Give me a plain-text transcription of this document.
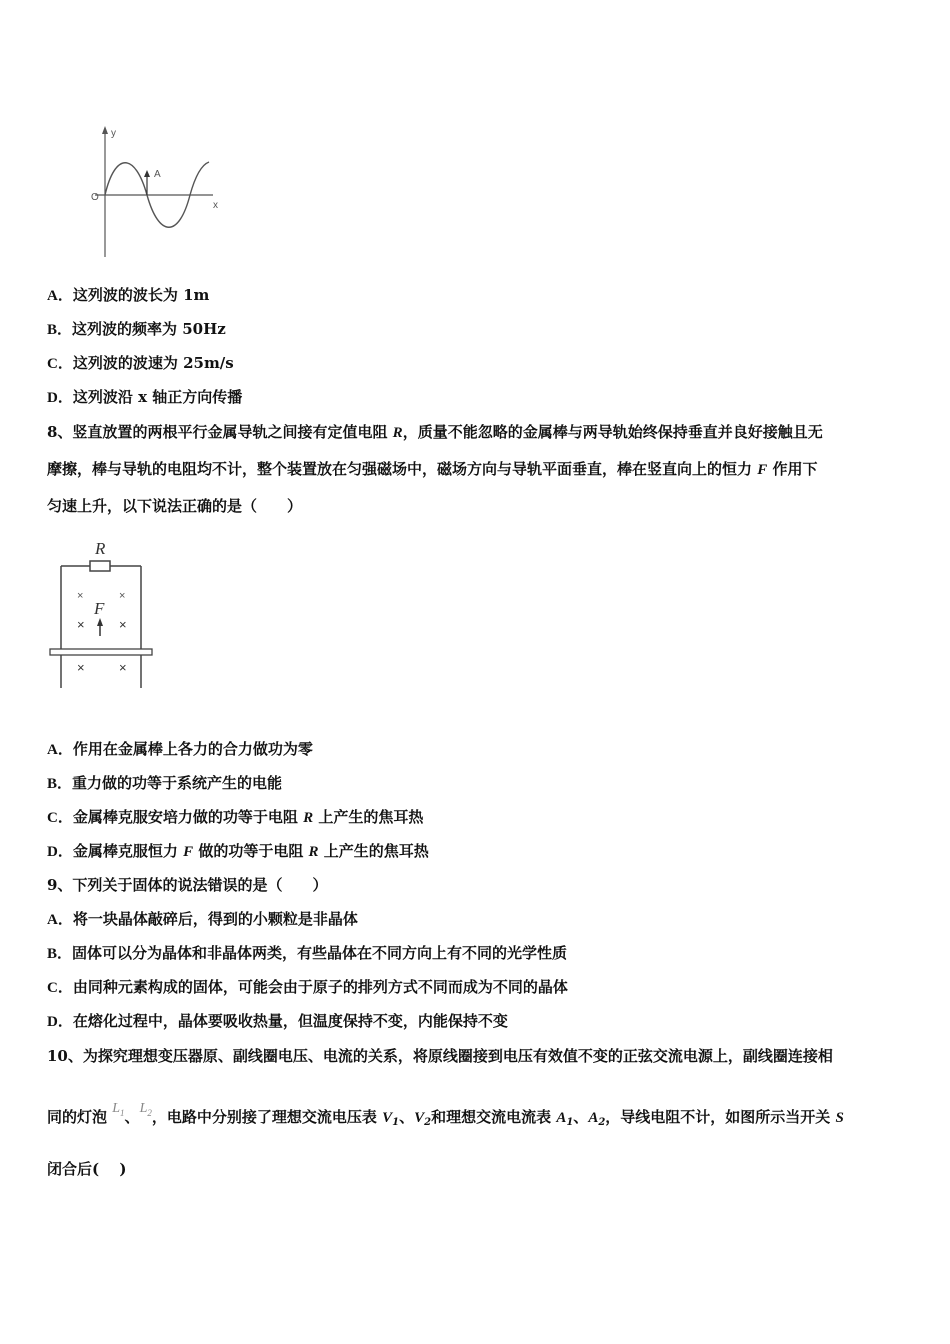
y
O
A
x
A．这列波的波长为 1m
B．这列波的频率为 50Hz
C．这列波的波速为 25m/s
D．这列波沿 x 轴正方向传播
8、竖直放置的两根平行金属导轨之间接有定值电阻 R，质量不能忽略的金属棒与两导轨始终保持垂直并良好接触且无
摩擦，棒与导轨的电阻均不计，整个装置放在匀强磁场中，磁场方向与导轨平面垂直，棒在竖直向上的恒力 F 作用下
匀速上升，以下说法正确的是（　　）
R
F
×	×
×	×
×	×
A．作用在金属棒上各力的合力做功为零
B．重力做的功等于系统产生的电能
C．金属棒克服安培力做的功等于电阻 R 上产生的焦耳热
D．金属棒克服恒力 F 做的功等于电阻 R 上产生的焦耳热
9、下列关于固体的说法错误的是（　　）
A．将一块晶体敲碎后，得到的小颗粒是非晶体
B．固体可以分为晶体和非晶体两类，有些晶体在不同方向上有不同的光学性质
C．由同种元素构成的固体，可能会由于原子的排列方式不同而成为不同的晶体
D．在熔化过程中，晶体要吸收热量，但温度保持不变，内能保持不变
10、为探究理想变压器原、副线圈电压、电流的关系，将原线圈接到电压有效值不变的正弦交流电源上，副线圈连接相
同的灯泡 $L_1$、$L_2$，电路中分别接了理想交流电压表 $V_1$、$V_2$和理想交流电流表 $A_1$、$A_2$，导线电阻不计，如图所示当开关 S
闭合后(　 )
